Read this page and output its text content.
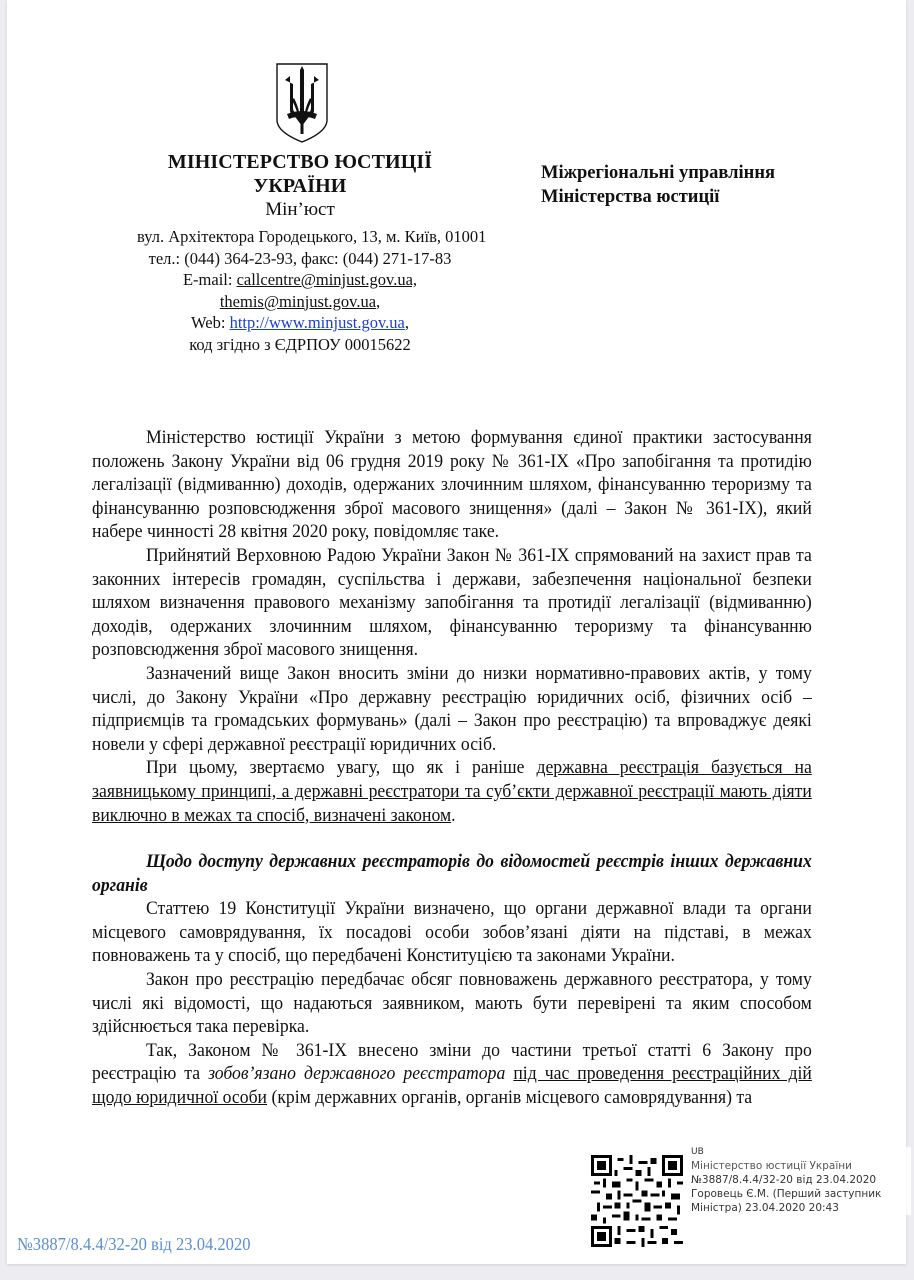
МІНІСТЕРСТВО ЮСТИЦІЇ
УКРАЇНИ
Мін’юст
вул. Архітектора Городецького, 13, м. Київ, 01001
тел.: (044) 364-23-93, факс: (044) 271-17-83
E-mail: callcentre@minjust.gov.ua,
themis@minjust.gov.ua,
Web: http://www.minjust.gov.ua,
код згідно з ЄДРПОУ 00015622
Міжрегіональні управління
Міністерства юстиції

Міністерство юстиції України з метою формування єдиної практики застосування положень Закону України від 06 грудня 2019 року № 361-IX «Про запобігання та протидію легалізації (відмиванню) доходів, одержаних злочинним шляхом, фінансуванню тероризму та фінансуванню розповсюдження зброї масового знищення» (далі – Закон № 361-IX), який набере чинності 28 квітня 2020 року, повідомляє таке.

Прийнятий Верховною Радою України Закон № 361-IX спрямований на захист прав та законних інтересів громадян, суспільства і держави, забезпечення національної безпеки шляхом визначення правового механізму запобігання та протидії легалізації (відмиванню) доходів, одержаних злочинним шляхом, фінансуванню тероризму та фінансуванню розповсюдження зброї масового знищення.

Зазначений вище Закон вносить зміни до низки нормативно-правових актів, у тому числі, до Закону України «Про державну реєстрацію юридичних осіб, фізичних осіб – підприємців та громадських формувань» (далі – Закон про реєстрацію) та впроваджує деякі новели у сфері державної реєстрації юридичних осіб.

При цьому, звертаємо увагу, що як і раніше державна реєстрація базується на заявницькому принципі, а державні реєстратори та суб’єкти державної реєстрації мають діяти виключно в межах та спосіб, визначені законом.

Щодо доступу державних реєстраторів до відомостей реєстрів інших державних органів

Статтею 19 Конституції України визначено, що органи державної влади та органи місцевого самоврядування, їх посадові особи зобов’язані діяти на підставі, в межах повноважень та у спосіб, що передбачені Конституцією та законами України.

Закон про реєстрацію передбачає обсяг повноважень державного реєстратора, у тому числі які відомості, що надаються заявником, мають бути перевірені та яким способом здійснюється така перевірка.

Так, Законом № 361-IX внесено зміни до частини третьої статті 6 Закону про реєстрацію та зобов’язано державного реєстратора під час проведення реєстраційних дій щодо юридичної особи (крім державних органів, органів місцевого самоврядування) та

UB
Міністерство юстиції України
№3887/8.4.4/32-20 від 23.04.2020
Горовець Є.М. (Перший заступник
Міністра) 23.04.2020 20:43
№3887/8.4.4/32-20 від 23.04.2020
